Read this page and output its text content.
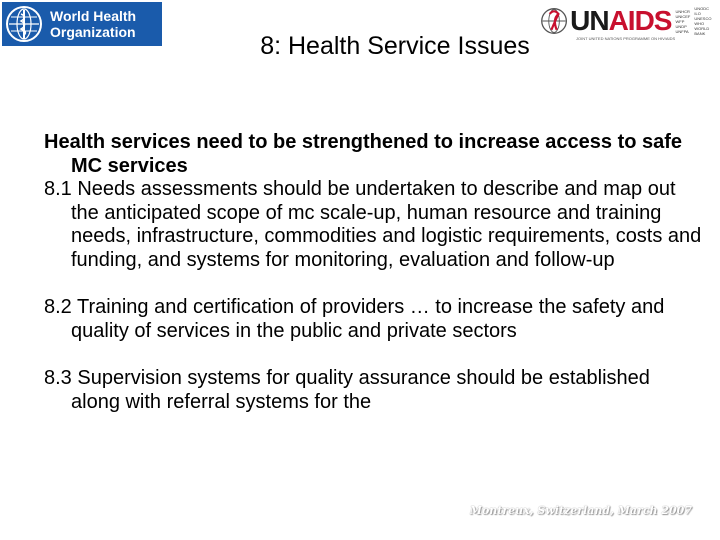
World Health
Organization	UNAIDS UNHCR
UNICEF
WFP
UNDP
UNFPA
UNODC
ILO
UNESCO
WHO
WORLD BANK
JOINT UNITED NATIONS PROGRAMME ON HIV/AIDS
8: Health Service Issues

Health services need to be strengthened to increase access to safe MC services

8.1 Needs assessments should be undertaken to describe and map out the anticipated scope of mc scale-up, human resource and training needs, infrastructure, commodities and logistic requirements, costs and funding, and systems for monitoring, evaluation and follow-up

8.2 Training and certification of providers … to increase the safety and quality of services in the public and private sectors

8.3 Supervision systems for quality assurance should be established along with referral systems for the

Montreux, Switzerland, March 2007
